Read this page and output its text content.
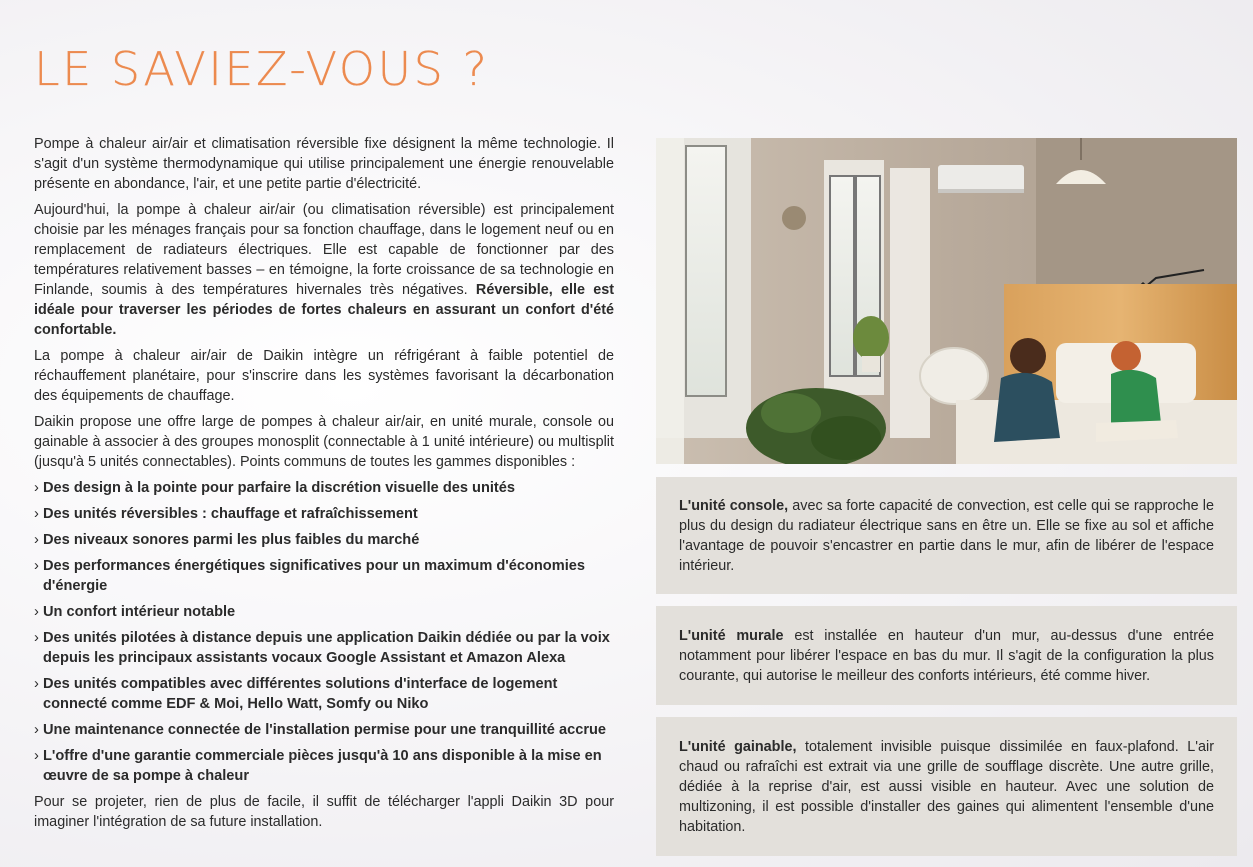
LE SAVIEZ-VOUS ?

Pompe à chaleur air/air et climatisation réversible fixe désignent la même technologie. Il s'agit d'un système thermodynamique qui utilise principalement une énergie renouvelable présente en abondance, l'air, et une petite partie d'électricité.

Aujourd'hui, la pompe à chaleur air/air (ou climatisation réversible) est principalement choisie par les ménages français pour sa fonction chauffage, dans le logement neuf ou en remplacement de radiateurs électriques. Elle est capable de fonctionner par des températures relativement basses – en témoigne, la forte croissance de sa technologie en Finlande, soumis à des températures hivernales très négatives. Réversible, elle est idéale pour traverser les périodes de fortes chaleurs en assurant un confort d'été confortable.

La pompe à chaleur air/air de Daikin intègre un réfrigérant à faible potentiel de réchauffement planétaire, pour s'inscrire dans les systèmes favorisant la décarbonation des équipements de chauffage.

Daikin propose une offre large de pompes à chaleur air/air, en unité murale, console ou gainable à associer à des groupes monosplit (connectable à 1 unité intérieure) ou multisplit (jusqu'à 5 unités connectables). Points communs de toutes les gammes disponibles :

› Des design à la pointe pour parfaire la discrétion visuelle des unités
› Des unités réversibles : chauffage et rafraîchissement
› Des niveaux sonores parmi les plus faibles du marché
› Des performances énergétiques significatives pour un maximum d'économies d'énergie
› Un confort intérieur notable
› Des unités pilotées à distance depuis une application Daikin dédiée ou par la voix depuis les principaux assistants vocaux Google Assistant et Amazon Alexa
› Des unités compatibles avec différentes solutions d'interface de logement connecté comme EDF & Moi, Hello Watt, Somfy ou Niko
› Une maintenance connectée de l'installation permise pour une tranquillité accrue
› L'offre d'une garantie commerciale pièces jusqu'à 10 ans disponible à la mise en œuvre de sa pompe à chaleur

Pour se projeter, rien de plus de facile, il suffit de télécharger l'appli Daikin 3D pour imaginer l'intégration de sa future installation.

L'unité console, avec sa forte capacité de convection, est celle qui se rapproche le plus du design du radiateur électrique sans en être un. Elle se fixe au sol et affiche l'avantage de pouvoir s'encastrer en partie dans le mur, afin de libérer de l'espace intérieur.

L'unité murale est installée en hauteur d'un mur, au-dessus d'une entrée notamment pour libérer l'espace en bas du mur. Il s'agit de la configuration la plus courante, qui autorise le meilleur des conforts intérieurs, été comme hiver.

L'unité gainable, totalement invisible puisque dissimilée en faux-plafond. L'air chaud ou rafraîchi est extrait via une grille de soufflage discrète. Une autre grille, dédiée à la reprise d'air, est aussi visible en hauteur. Avec une solution de multizoning, il est possible d'installer des gaines qui alimentent l'ensemble d'une habitation.
